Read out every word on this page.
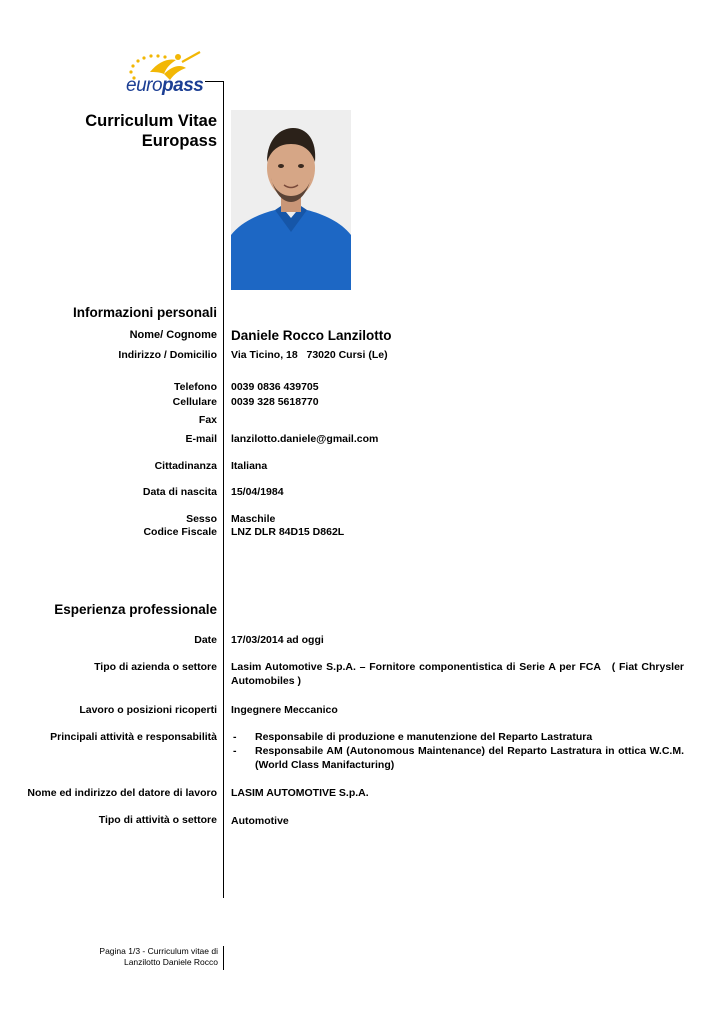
europass
Curriculum Vitae
Europass
Informazioni personali
Nome/ Cognome Daniele Rocco Lanzilotto
Indirizzo / Domicilio Via Ticino, 18   73020 Cursi (Le)
Telefono 0039 0836 439705
Cellulare 0039 328 5618770
Fax
E-mail lanzilotto.daniele@gmail.com
Cittadinanza Italiana
Data di nascita 15/04/1984
Sesso Maschile
Codice Fiscale LNZ DLR 84D15 D862L
Esperienza professionale
Date 17/03/2014 ad oggi
Tipo di azienda o settore Lasim Automotive S.p.A. – Fornitore componentistica di Serie A per FCA   ( Fiat Chrysler Automobiles )
Lavoro o posizioni ricoperti Ingegnere Meccanico
Principali attività e responsabilità - Responsabile di produzione e manutenzione del Reparto Lastratura
- Responsabile AM (Autonomous Maintenance) del Reparto Lastratura in ottica W.C.M. (World Class Manifacturing)
Nome ed indirizzo del datore di lavoro LASIM AUTOMOTIVE S.p.A.
Tipo di attività o settore Automotive
Pagina 1/3 - Curriculum vitae di
Lanzilotto Daniele Rocco
